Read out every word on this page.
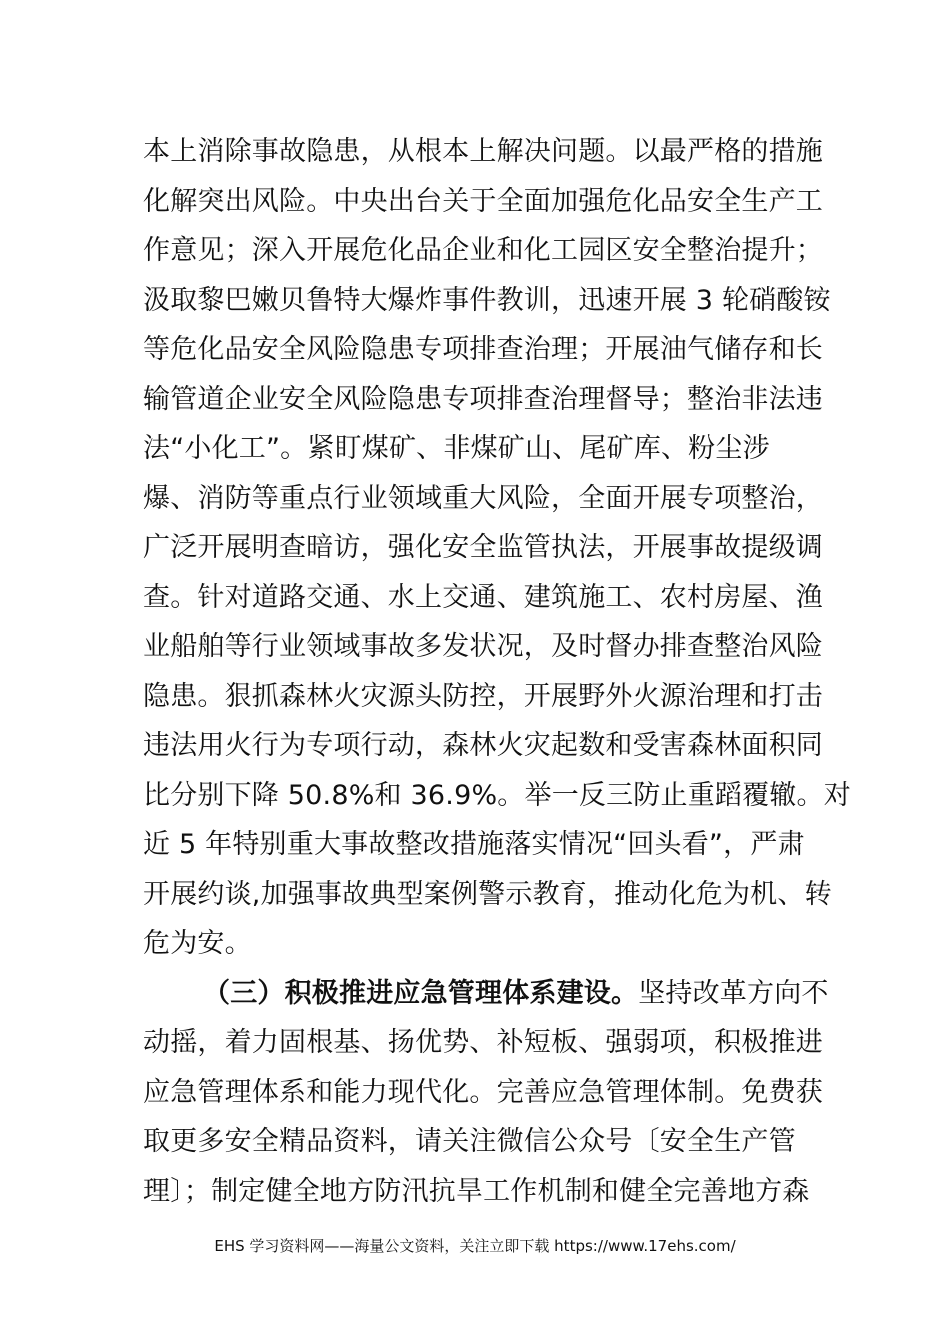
本上消除事故隐患，从根本上解决问题。以最严格的措施
化解突出风险。中央出台关于全面加强危化品安全生产工
作意见；深入开展危化品企业和化工园区安全整治提升；
汲取黎巴嫩贝鲁特大爆炸事件教训，迅速开展 3 轮硝酸铵
等危化品安全风险隐患专项排查治理；开展油气储存和长
输管道企业安全风险隐患专项排查治理督导；整治非法违
法“小化工”。紧盯煤矿、非煤矿山、尾矿库、粉尘涉
爆、消防等重点行业领域重大风险，全面开展专项整治，
广泛开展明查暗访，强化安全监管执法，开展事故提级调
查。针对道路交通、水上交通、建筑施工、农村房屋、渔
业船舶等行业领域事故多发状况，及时督办排查整治风险
隐患。狠抓森林火灾源头防控，开展野外火源治理和打击
违法用火行为专项行动，森林火灾起数和受害森林面积同
比分别下降 50.8%和 36.9%。举一反三防止重蹈覆辙。对
近 5 年特别重大事故整改措施落实情况“回头看”，严肃
开展约谈,加强事故典型案例警示教育，推动化危为机、转
危为安。
（三）积极推进应急管理体系建设。坚持改革方向不
动摇，着力固根基、扬优势、补短板、强弱项，积极推进
应急管理体系和能力现代化。完善应急管理体制。免费获
取更多安全精品资料，请关注微信公众号〔安全生产管
理〕；制定健全地方防汛抗旱工作机制和健全完善地方森
EHS 学习资料网——海量公文资料，关注立即下载 https://www.17ehs.com/
